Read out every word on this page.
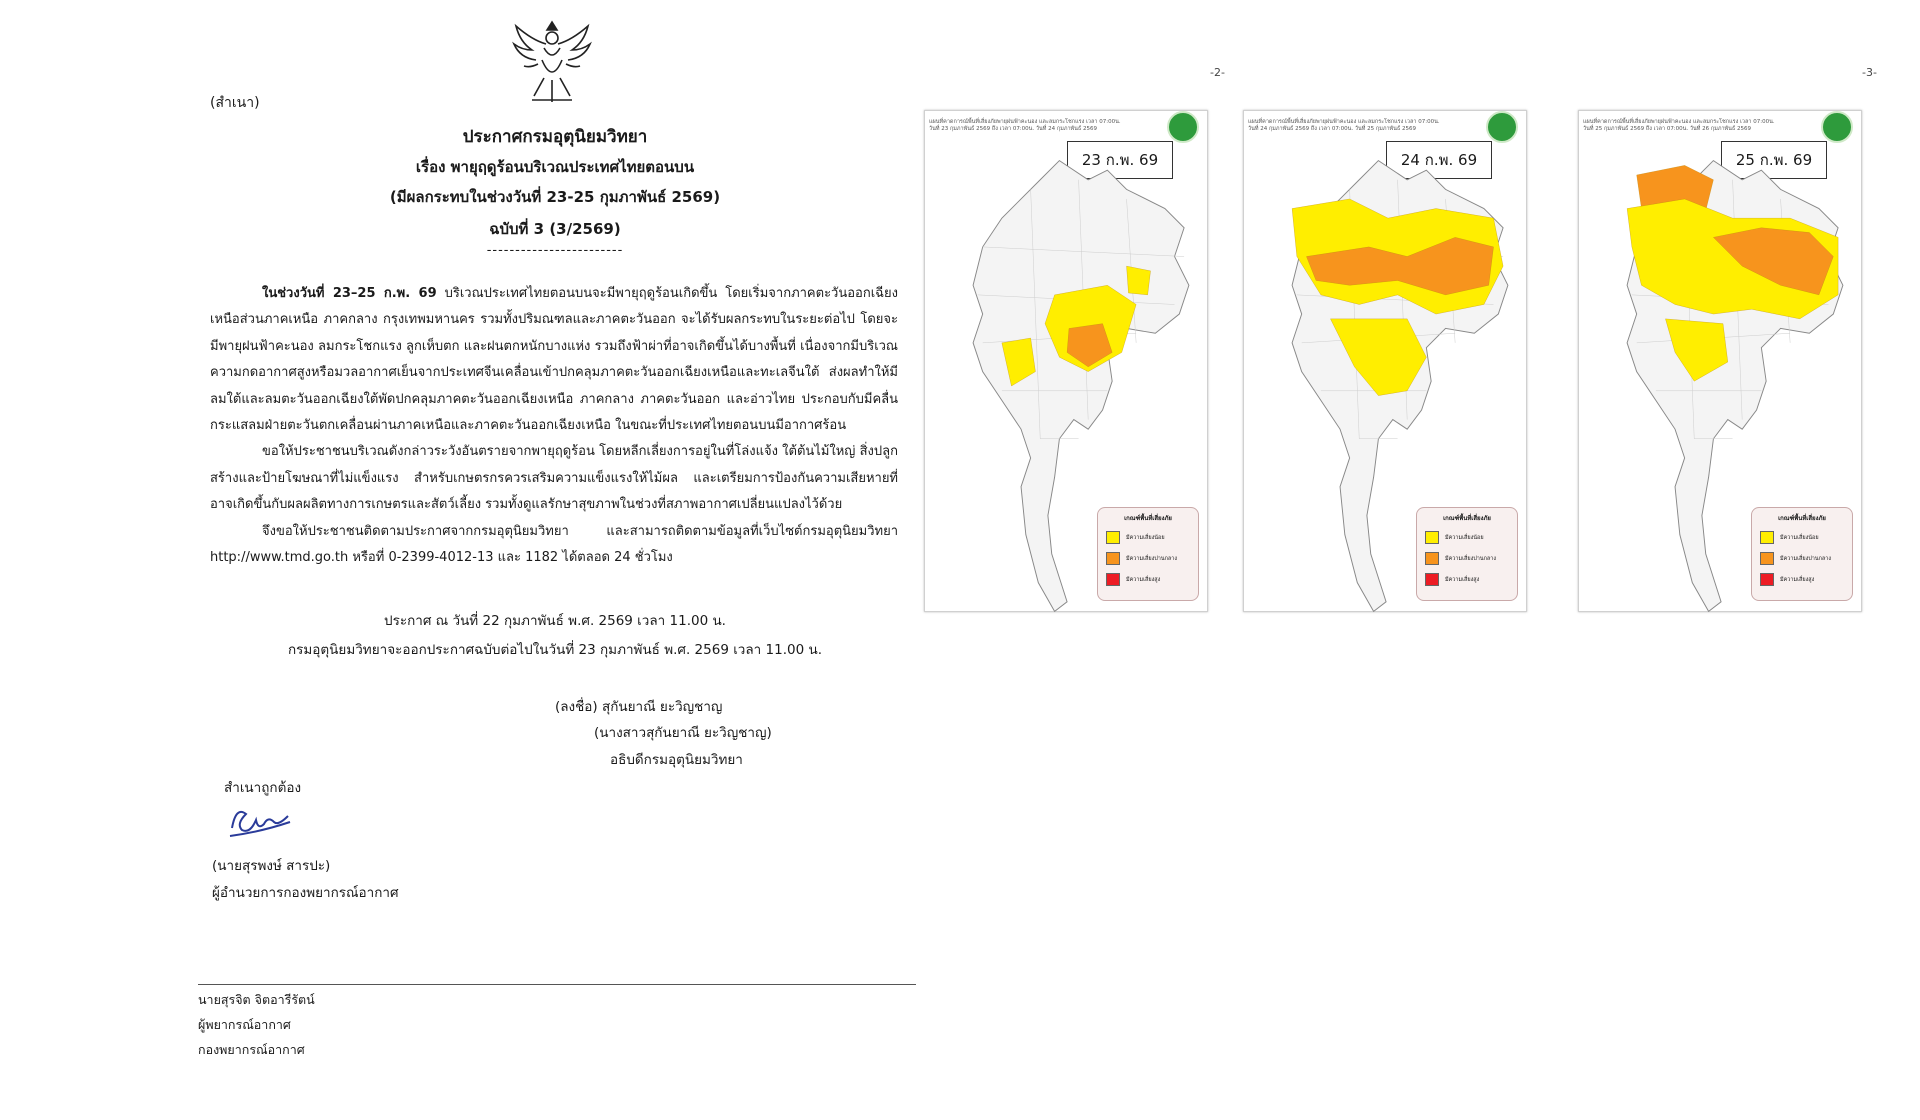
(สำเนา)
ประกาศกรมอุตุนิยมวิทยา
เรื่อง พายุฤดูร้อนบริเวณประเทศไทยตอนบน
(มีผลกระทบในช่วงวันที่ 23-25 กุมภาพันธ์ 2569)
ฉบับที่ 3 (3/2569)
------------------------

ในช่วงวันที่ 23–25 ก.พ. 69 บริเวณประเทศไทยตอนบนจะมีพายุฤดูร้อนเกิดขึ้น โดยเริ่มจากภาคตะวันออกเฉียงเหนือส่วนภาคเหนือ ภาคกลาง กรุงเทพมหานคร รวมทั้งปริมณฑลและภาคตะวันออก จะได้รับผลกระทบในระยะต่อไป โดยจะมีพายุฝนฟ้าคะนอง ลมกระโชกแรง ลูกเห็บตก และฝนตกหนักบางแห่ง รวมถึงฟ้าผ่าที่อาจเกิดขึ้นได้บางพื้นที่ เนื่องจากมีบริเวณความกดอากาศสูงหรือมวลอากาศเย็นจากประเทศจีนเคลื่อนเข้าปกคลุมภาคตะวันออกเฉียงเหนือและทะเลจีนใต้ ส่งผลทำให้มีลมใต้และลมตะวันออกเฉียงใต้พัดปกคลุมภาคตะวันออกเฉียงเหนือ ภาคกลาง ภาคตะวันออก และอ่าวไทย ประกอบกับมีคลื่นกระแสลมฝ่ายตะวันตกเคลื่อนผ่านภาคเหนือและภาคตะวันออกเฉียงเหนือ ในขณะที่ประเทศไทยตอนบนมีอากาศร้อน

ขอให้ประชาชนบริเวณดังกล่าวระวังอันตรายจากพายุฤดูร้อน โดยหลีกเลี่ยงการอยู่ในที่โล่งแจ้ง ใต้ต้นไม้ใหญ่ สิ่งปลูกสร้างและป้ายโฆษณาที่ไม่แข็งแรง สำหรับเกษตรกรควรเสริมความแข็งแรงให้ไม้ผล และเตรียมการป้องกันความเสียหายที่อาจเกิดขึ้นกับผลผลิตทางการเกษตรและสัตว์เลี้ยง รวมทั้งดูแลรักษาสุขภาพในช่วงที่สภาพอากาศเปลี่ยนแปลงไว้ด้วย

จึงขอให้ประชาชนติดตามประกาศจากกรมอุตุนิยมวิทยา และสามารถติดตามข้อมูลที่เว็บไซต์กรมอุตุนิยมวิทยา http://www.tmd.go.th หรือที่ 0-2399-4012-13 และ 1182 ได้ตลอด 24 ชั่วโมง

ประกาศ ณ วันที่ 22 กุมภาพันธ์ พ.ศ. 2569 เวลา 11.00 น.
กรมอุตุนิยมวิทยาจะออกประกาศฉบับต่อไปในวันที่ 23 กุมภาพันธ์ พ.ศ. 2569 เวลา 11.00 น.
(ลงชื่อ) สุกันยาณี ยะวิญชาญ
(นางสาวสุกันยาณี ยะวิญชาญ)
อธิบดีกรมอุตุนิยมวิทยา
สำเนาถูกต้อง
(นายสุรพงษ์ สารปะ)
ผู้อำนวยการกองพยากรณ์อากาศ
นายสุรจิต จิตอารีรัตน์
ผู้พยากรณ์อากาศ
กองพยากรณ์อากาศ
-2-	-3-
แผนที่คาดการณ์พื้นที่เสี่ยงภัยพายุฝนฟ้าคะนอง และลมกระโชกแรง เวลา 07:00น. วันที่ 23 กุมภาพันธ์ 2569 ถึง เวลา 07:00น. วันที่ 24 กุมภาพันธ์ 2569
23 ก.พ. 69
เกณฑ์พื้นที่เสี่ยงภัย
มีความเสี่ยงน้อย
มีความเสี่ยงปานกลาง
มีความเสี่ยงสูง
แผนที่คาดการณ์พื้นที่เสี่ยงภัยพายุฝนฟ้าคะนอง และลมกระโชกแรง เวลา 07:00น. วันที่ 24 กุมภาพันธ์ 2569 ถึง เวลา 07:00น. วันที่ 25 กุมภาพันธ์ 2569
24 ก.พ. 69
เกณฑ์พื้นที่เสี่ยงภัย
มีความเสี่ยงน้อย
มีความเสี่ยงปานกลาง
มีความเสี่ยงสูง
แผนที่คาดการณ์พื้นที่เสี่ยงภัยพายุฝนฟ้าคะนอง และลมกระโชกแรง เวลา 07:00น. วันที่ 25 กุมภาพันธ์ 2569 ถึง เวลา 07:00น. วันที่ 26 กุมภาพันธ์ 2569
25 ก.พ. 69
เกณฑ์พื้นที่เสี่ยงภัย
มีความเสี่ยงน้อย
มีความเสี่ยงปานกลาง
มีความเสี่ยงสูง
